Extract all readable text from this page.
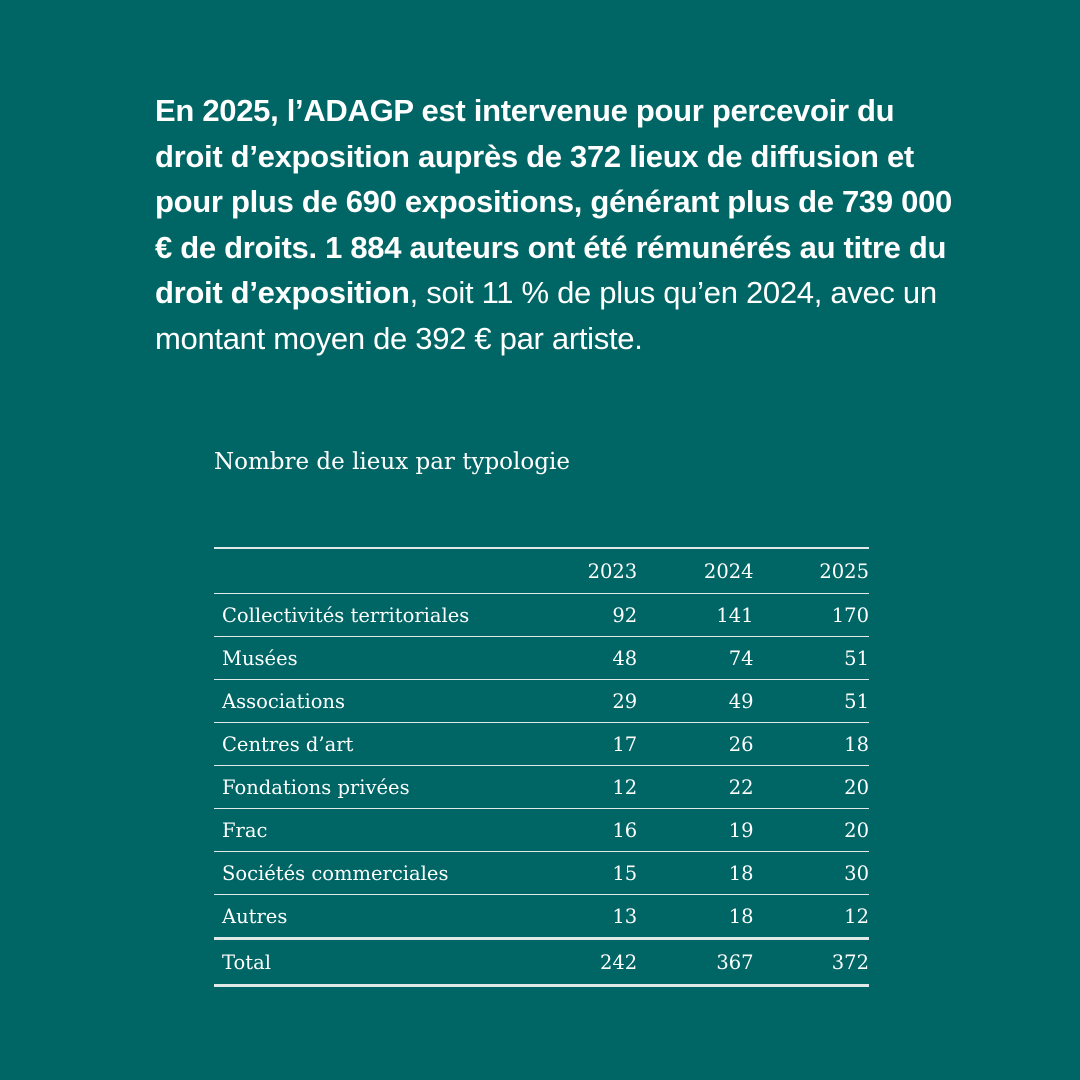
En 2025, l’ADAGP est intervenue pour percevoir du droit d’exposition auprès de 372 lieux de diffusion et pour plus de 690 expositions, générant plus de 739 000 € de droits. 1 884 auteurs ont été rémunérés au titre du droit d’exposition, soit 11 % de plus qu’en 2024, avec un montant moyen de 392 € par artiste.

Nombre de lieux par typologie
	2023	2024	2025
Collectivités territoriales	92	141	170
Musées	48	74	51
Associations	29	49	51
Centres d’art	17	26	18
Fondations privées	12	22	20
Frac	16	19	20
Sociétés commerciales	15	18	30
Autres	13	18	12
Total	242	367	372
